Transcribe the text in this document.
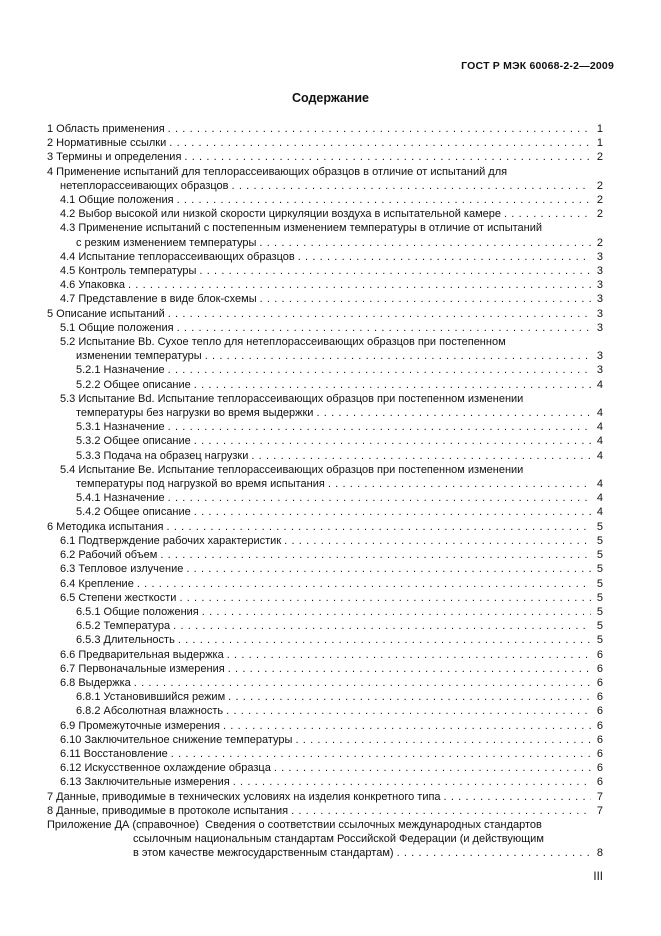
ГОСТ Р МЭК 60068-2-2—2009
Содержание
1 Область применения . . .	1
2 Нормативные ссылки . . .	1
3 Термины и определения . . .	2
4 Применение испытаний для теплорассеивающих образцов в отличие от испытаний для
нетеплорассеивающих образцов . . .	2
4.1 Общие положения . . .	2
4.2 Выбор высокой или низкой скорости циркуляции воздуха в испытательной камере . . .	2
4.3 Применение испытаний с постепенным изменением температуры в отличие от испытаний
с резким изменением температуры . . .	2
4.4 Испытание теплорассеивающих образцов . . .	3
4.5 Контроль температуры . . .	3
4.6 Упаковка . . .	3
4.7 Представление в виде блок-схемы . . .	3
5 Описание испытаний . . .	3
5.1 Общие положения . . .	3
5.2 Испытание Bb. Сухое тепло для нетеплорассеивающих образцов при постепенном
изменении температуры . . .	3
5.2.1 Назначение . . .	3
5.2.2 Общее описание . . .	4
5.3 Испытание Bd. Испытание теплорассеивающих образцов при постепенном изменении
температуры без нагрузки во время выдержки . . .	4
5.3.1 Назначение . . .	4
5.3.2 Общее описание . . .	4
5.3.3 Подача на образец нагрузки . . .	4
5.4 Испытание Be. Испытание теплорассеивающих образцов при постепенном изменении
температуры под нагрузкой во время испытания . . .	4
5.4.1 Назначение . . .	4
5.4.2 Общее описание . . .	4
6 Методика испытания . . .	5
6.1 Подтверждение рабочих характеристик . . .	5
6.2 Рабочий объем . . .	5
6.3 Тепловое излучение . . .	5
6.4 Крепление . . .	5
6.5 Степени жесткости . . .	5
6.5.1 Общие положения . . .	5
6.5.2 Температура . . .	5
6.5.3 Длительность . . .	5
6.6 Предварительная выдержка . . .	6
6.7 Первоначальные измерения . . .	6
6.8 Выдержка . . .	6
6.8.1 Установившийся режим . . .	6
6.8.2 Абсолютная влажность . . .	6
6.9 Промежуточные измерения . . .	6
6.10 Заключительное снижение температуры . . .	6
6.11 Восстановление . . .	6
6.12 Искусственное охлаждение образца . . .	6
6.13 Заключительные измерения . . .	6
7 Данные, приводимые в технических условиях на изделия конкретного типа . . .	7
8 Данные, приводимые в протоколе испытания . . .	7
Приложение ДА (справочное)  Сведения о соответствии ссылочных международных стандартов
ссылочным национальным стандартам Российской Федерации (и действующим
в этом качестве межгосударственным стандартам) . . .	8
III
